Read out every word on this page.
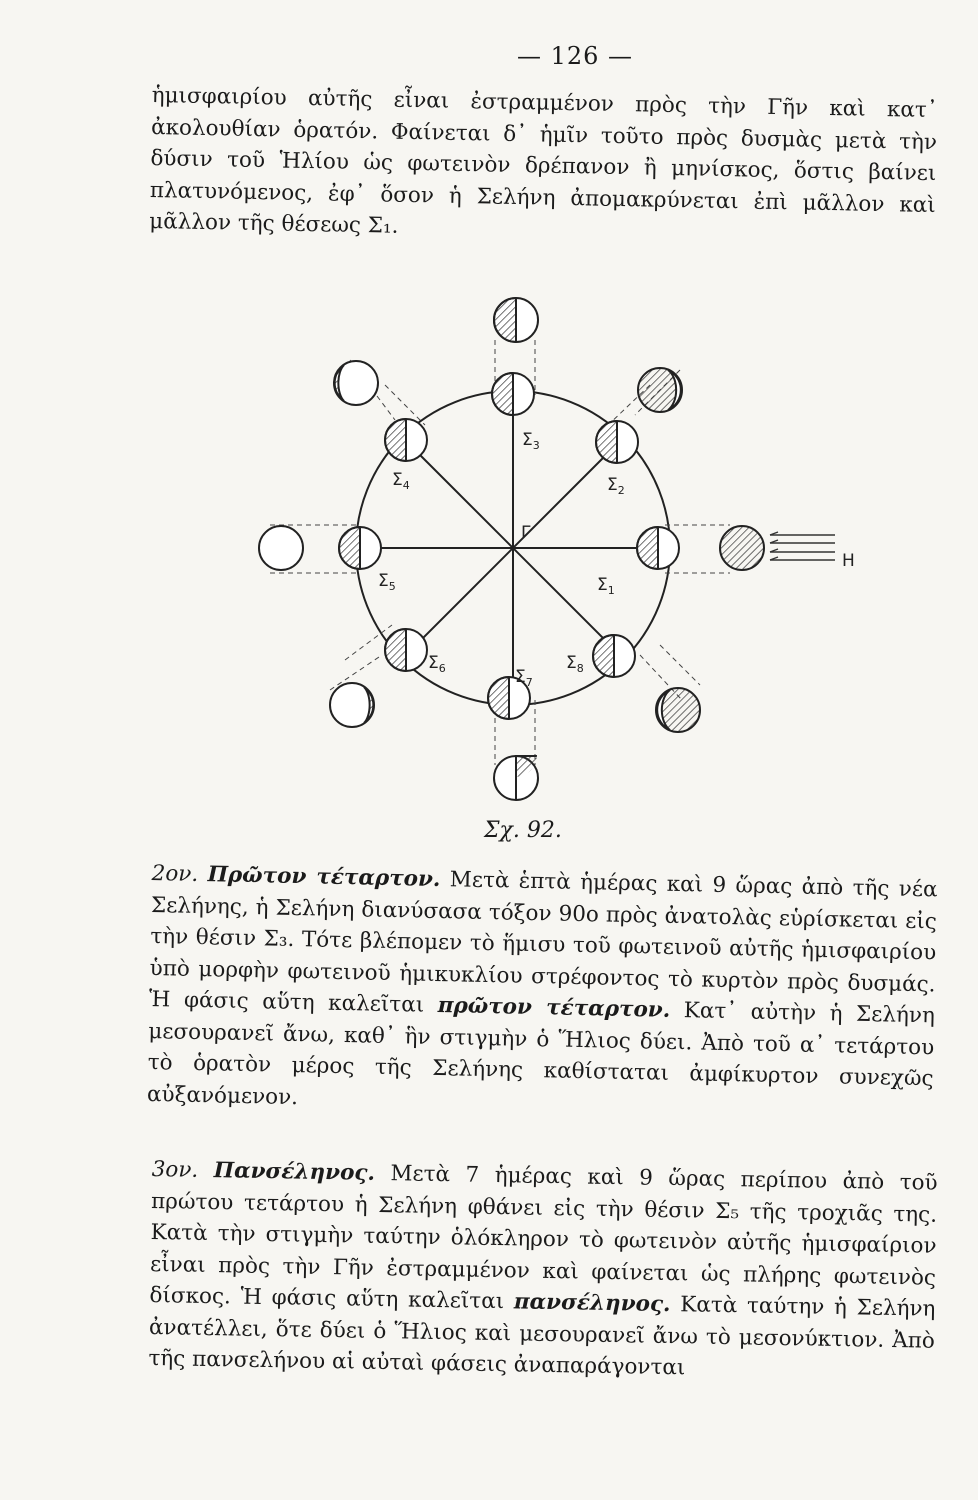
— 126 —

ἡμισφαιρίου αὐτῆς εἶναι ἐστραμμένον πρὸς τὴν Γῆν καὶ κατ᾽ ἀκολουθίαν ὁρατόν. Φαίνεται δ᾽ ἡμῖν τοῦτο πρὸς δυσμὰς μετὰ τὴν δύσιν τοῦ Ἡλίου ὡς φωτεινὸν δρέπανον ἢ μηνίσκος, ὅστις βαίνει πλατυνόμενος, ἐφ᾽ ὅσον ἡ Σελήνη ἀπομακρύνεται ἐπὶ μᾶλλον καὶ μᾶλλον τῆς θέσεως Σ₁.

Γ
Η
$\Sigma_1$
$\Sigma_2$
$\Sigma_3$
$\Sigma_4$
$\Sigma_5$
$\Sigma_6$	$\Sigma_7$
$\Sigma_8$
Σχ. 92.

2ον. Πρῶτον τέταρτον. Μετὰ ἑπτὰ ἡμέρας καὶ 9 ὥρας ἀπὸ τῆς νέα Σελήνης, ἡ Σελήνη διανύσασα τόξον 90ο πρὸς ἀνατολὰς εὑρίσκεται εἰς τὴν θέσιν Σ₃. Τότε βλέπομεν τὸ ἥμισυ τοῦ φωτεινοῦ αὐτῆς ἡμισφαιρίου ὑπὸ μορφὴν φωτεινοῦ ἡμικυκλίου στρέφοντος τὸ κυρτὸν πρὸς δυσμάς. Ἡ φάσις αὕτη καλεῖται πρῶτον τέταρτον. Κατ᾽ αὐτὴν ἡ Σελήνη μεσουρανεῖ ἄνω, καθ᾽ ἣν στιγμὴν ὁ Ἥλιος δύει. Ἀπὸ τοῦ α᾽ τετάρτου τὸ ὁρατὸν μέρος τῆς Σελήνης καθίσταται ἀμφίκυρτον συνεχῶς αὐξανόμενον.

3ον. Πανσέληνος. Μετὰ 7 ἡμέρας καὶ 9 ὥρας περίπου ἀπὸ τοῦ πρώτου τετάρτου ἡ Σελήνη φθάνει εἰς τὴν θέσιν Σ₅ τῆς τροχιᾶς της. Κατὰ τὴν στιγμὴν ταύτην ὁλόκληρον τὸ φωτεινὸν αὐτῆς ἡμισφαίριον εἶναι πρὸς τὴν Γῆν ἐστραμμένον καὶ φαίνεται ὡς πλήρης φωτεινὸς δίσκος. Ἡ φάσις αὕτη καλεῖται πανσέληνος. Κατὰ ταύτην ἡ Σελήνη ἀνατέλλει, ὅτε δύει ὁ Ἥλιος καὶ μεσουρανεῖ ἄνω τὸ μεσονύκτιον. Ἀπὸ τῆς πανσελήνου αἱ αὐταὶ φάσεις ἀναπαράγονται
